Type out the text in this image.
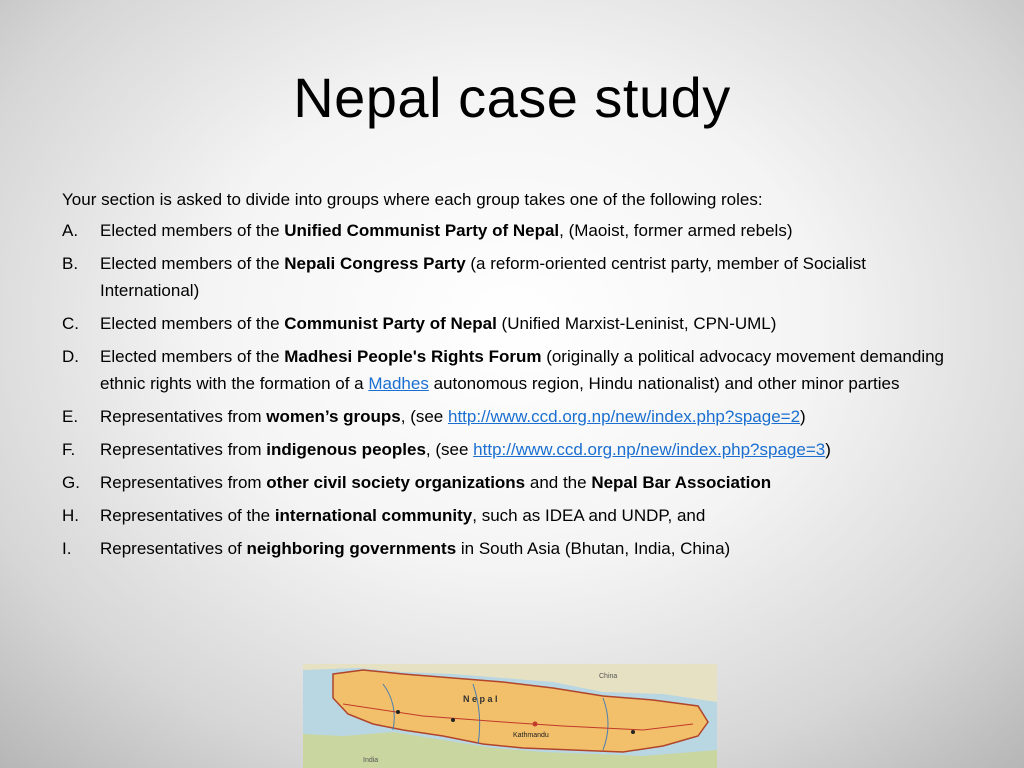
Nepal case study

Your section is asked to divide into groups where each group takes one of the following roles:

A.	Elected members of the Unified Communist Party of Nepal, (Maoist, former armed rebels)
B.	Elected members of the Nepali Congress Party (a reform-oriented centrist party, member of Socialist International)
C.	Elected members of the Communist Party of Nepal (Unified Marxist-Leninist, CPN-UML)
D.	Elected members of the Madhesi People's Rights Forum (originally a political advocacy movement demanding ethnic rights with the formation of a Madhes autonomous region, Hindu nationalist) and other minor parties
E.	Representatives from women’s groups, (see http://www.ccd.org.np/new/index.php?spage=2)
F.	Representatives from indigenous peoples, (see http://www.ccd.org.np/new/index.php?spage=3)
G.	Representatives from other civil society organizations and the Nepal Bar Association
H.	Representatives of the international community, such as IDEA and UNDP, and
I.	Representatives of neighboring governments in South Asia (Bhutan, India, China)
N e p a l
China
Kathmandu
India
